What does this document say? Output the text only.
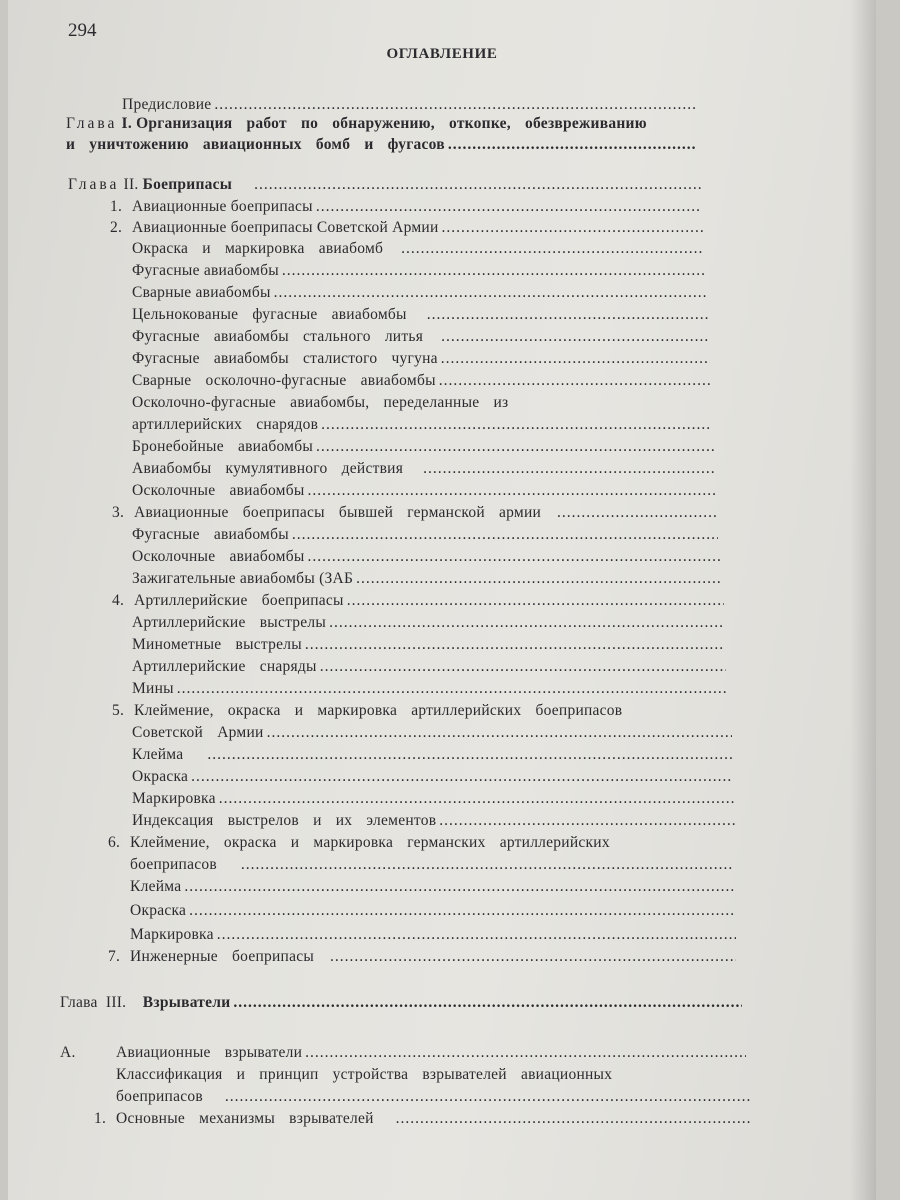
294
ОГЛАВЛЕНИЕ
Предисловие
.....
Глава
I.
Организация работ по обнаружению, откопке, обезвреживанию
и уничтожению авиационных бомб и фугасов
.....
Глава
II.
Боеприпасы
.....
1. Авиационные боеприпасы
.....
2. Авиационные боеприпасы Советской Армии
.....
Окраска и маркировка авиабомб
.....
Фугасные авиабомбы
.....
Сварные авиабомбы
.....
Цельнокованые фугасные авиабомбы
.....
Фугасные авиабомбы стального литья
.....
Фугасные авиабомбы сталистого чугуна
.....
Сварные осколочно-фугасные авиабомбы
.....
Осколочно-фугасные авиабомбы, переделанные из
артиллерийских снарядов
.....
Бронебойные авиабомбы
.....
Авиабомбы кумулятивного действия
.....
Осколочные авиабомбы
.....
3. Авиационные боеприпасы бывшей германской армии
.....
Фугасные авиабомбы
.....
Осколочные авиабомбы
.....
Зажигательные авиабомбы (ЗАБ
.....
4. Артиллерийские боеприпасы
.....
Артиллерийские выстрелы
.....
Минометные выстрелы
.....
Артиллерийские снаряды
.....
Мины
.....
5. Клеймение, окраска и маркировка артиллерийских боеприпасов
Советской Армии
.....
Клейма
.....
Окраска
.....
Маркировка
.....
Индексация выстрелов и их элементов
.....
6. Клеймение, окраска и маркировка германских артиллерийских
боеприпасов
.....
Клейма
.....
Окраска
.....
Маркировка
.....
7. Инженерные боеприпасы
.....
Глава
III.
Взрыватели
.....
А.	Авиационные взрыватели
.....
Классификация и принцип устройства взрывателей авиационных
боеприпасов
.....
1. Основные механизмы взрывателей
.....
